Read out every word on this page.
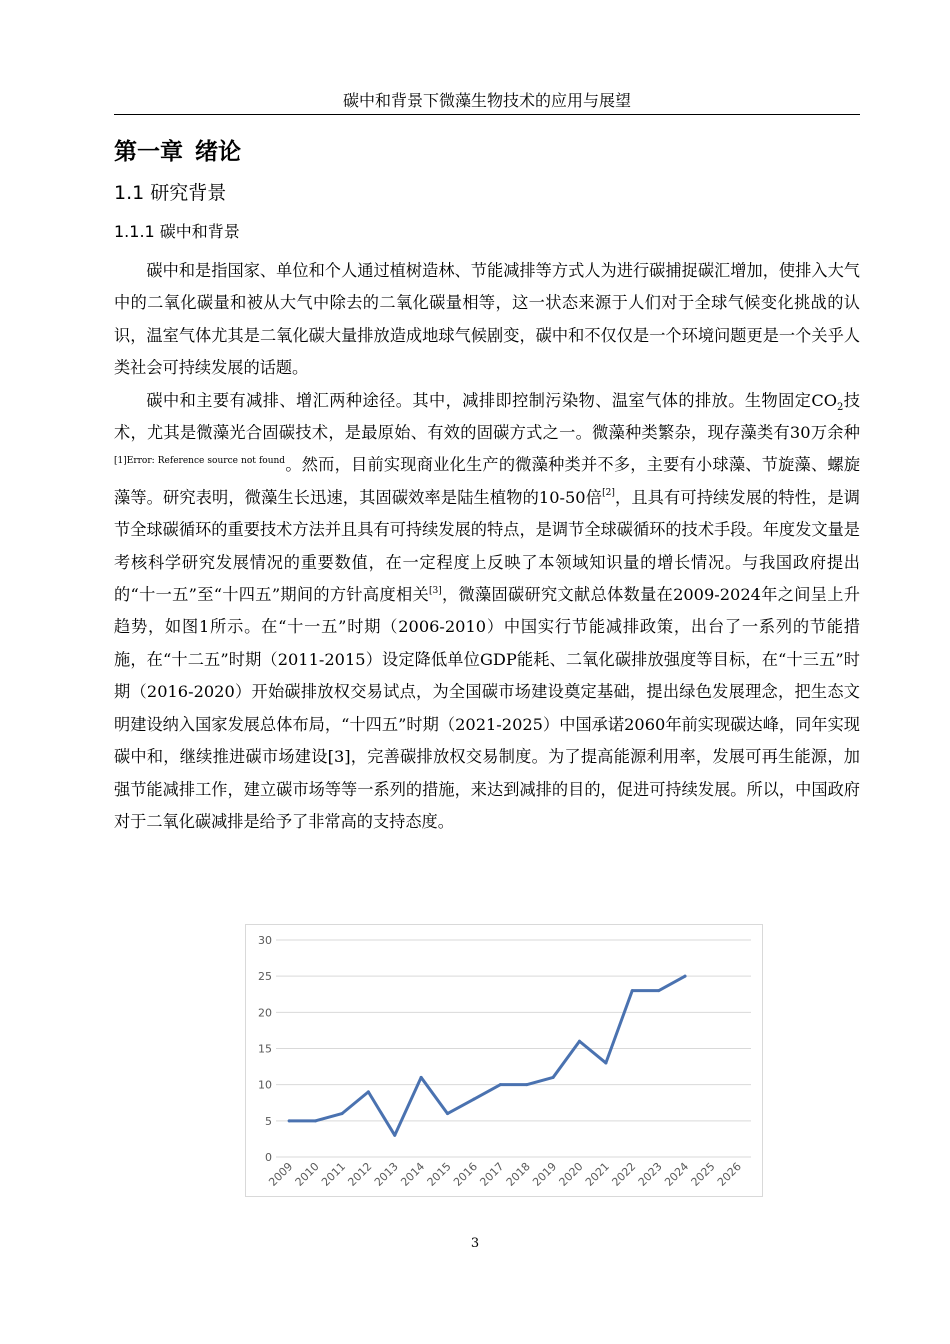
碳中和背景下微藻生物技术的应用与展望
第一章 绪论
1.1 研究背景
1.1.1 碳中和背景

碳中和是指国家、单位和个人通过植树造林、节能减排等方式人为进行碳捕捉碳汇增加，使排入大气中的二氧化碳量和被从大气中除去的二氧化碳量相等，这一状态来源于人们对于全球气候变化挑战的认识，温室气体尤其是二氧化碳大量排放造成地球气候剧变，碳中和不仅仅是一个环境问题更是一个关乎人类社会可持续发展的话题。

碳中和主要有减排、增汇两种途径。其中，减排即控制污染物、温室气体的排放。生物固定$CO_2$技术，尤其是微藻光合固碳技术，是最原始、有效的固碳方式之一。微藻种类繁杂，现存藻类有30万余种$^{[1]Error: Reference source not found}$。然而，目前实现商业化生产的微藻种类并不多，主要有小球藻、节旋藻、螺旋藻等。研究表明，微藻生长迅速，其固碳效率是陆生植物的10-50倍[2]，且具有可持续发展的特性，是调节全球碳循环的重要技术方法并且具有可持续发展的特点，是调节全球碳循环的技术手段。年度发文量是考核科学研究发展情况的重要数值，在一定程度上反映了本领域知识量的增长情况。与我国政府提出的“十一五”至“十四五”期间的方针高度相关[3]，微藻固碳研究文献总体数量在2009-2024年之间呈上升趋势，如图1所示。在“十一五”时期（2006-2010）中国实行节能减排政策，出台了一系列的节能措施，在“十二五”时期（2011-2015）设定降低单位GDP能耗、二氧化碳排放强度等目标，在“十三五”时期（2016-2020）开始碳排放权交易试点，为全国碳市场建设奠定基础，提出绿色发展理念，把生态文明建设纳入国家发展总体布局，“十四五”时期（2021-2025）中国承诺2060年前实现碳达峰，同年实现碳中和，继续推进碳市场建设[3]，完善碳排放权交易制度。为了提高能源利用率，发展可再生能源，加强节能减排工作，建立碳市场等等一系列的措施，来达到减排的目的，促进可持续发展。所以，中国政府对于二氧化碳减排是给予了非常高的支持态度。

0
5
10
15
20
25
30
2009
2010
2011
2012
2013
2014
2015
2016
2017
2018
2019
2020
2021
2022
2023
2024
2025
2026
3
